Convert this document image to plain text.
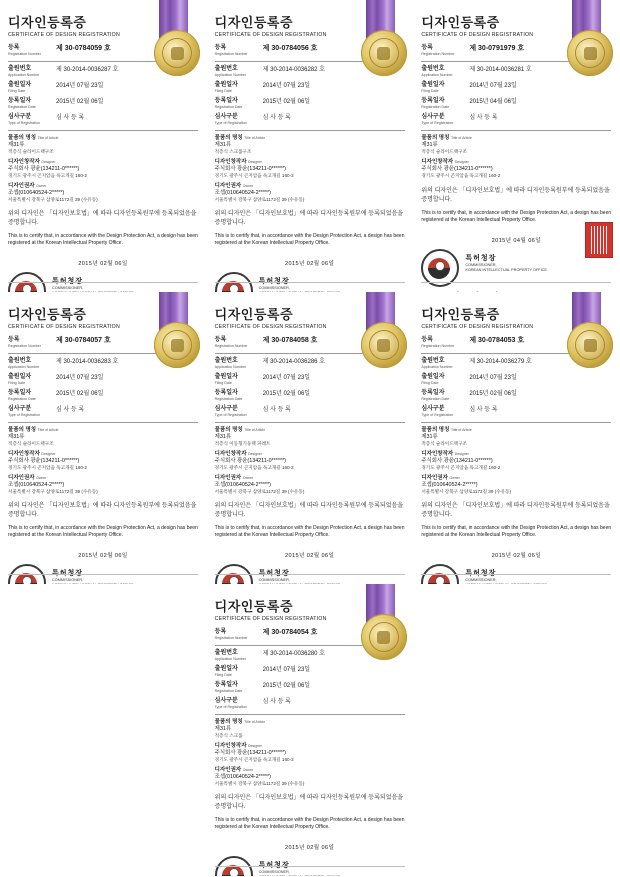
디자인등록증
CERTIFICATE OF DESIGN REGISTRATION
등록
Registration Number
제 30-0784059 호
출원번호
Application Number
제 30-2014-0036287 호
출원일자
Filing Date
2014년 07월 23일
등록일자
Registration Date
2015년 02월 06일
심사구분
Type of Registration
심 사 등 록
물품의 명칭 Title of Article
제31류
적층식 슬라이드랙구조
디자인창작자 Designer
주식회사 광윤(134211-0******)
경기도 광주시 곤지암읍 독고개길 160-2
디자인권자 Owner
조셉(010640524-2*****)
서울특별시 강북구 삼양로1172길 39 (수유동)
위의 디자인은 「디자인보호법」에 따라 디자인등록원부에 등록되었음을 증명합니다.
This is to certify that, in accordance with the Design Protection Act, a design has been registered at the Korean Intellectual Property Office.
2015년 02월 06일
COMMISSIONER,
디자인등록증
CERTIFICATE OF DESIGN REGISTRATION
등록
Registration Number
제 30-0784056 호
출원번호
Application Number
제 30-2014-0036282 호
출원일자
Filing Date
2014년 07월 23일
등록일자
Registration Date
2015년 02월 06일
심사구분
Type of Registration
심 사 등 록
물품의 명칭 Title of Article
제31류
적층식 스크롤구조
디자인창작자 Designer
주식회사 광윤(134211-0******)
경기도 광주시 곤지암읍 독고개길 160-2
디자인권자 Owner
조셉(010640524-2*****)
서울특별시 강북구 삼양로1172길 39 (수유동)
위의 디자인은 「디자인보호법」에 따라 디자인등록원부에 등록되었음을 증명합니다.
This is to certify that, in accordance with the Design Protection Act, a design has been registered at the Korean Intellectual Property Office.
2015년 02월 06일
COMMISSIONER,
디자인등록증
CERTIFICATE OF DESIGN REGISTRATION
등록
Registration Number
제 30-0791979 호
출원번호
Application Number
제 30-2014-0036281 호
출원일자
Filing Date
2014년 07월 23일
등록일자
Registration Date
2015년 04월 06일
심사구분
Type of Registration
심 사 등 록
물품의 명칭 Title of Article
제31류
적층식 슬라이드랙구조
디자인창작자 Designer
주식회사 광윤(134211-0******)
경기도 광주시 곤지암읍 독고개길 160-2
위의 디자인은 「디자인보호법」에 따라 디자인등록원부에 등록되었음을 증명합니다.
This is to certify that, in accordance with the Design Protection Act, a design has been registered at the Korean Intellectual Property Office.
2015년 04월 06일
특허청장
COMMISSIONER,
KOREAN INTELLECTUAL PROPERTY OFFICE
디자인등록증
CERTIFICATE OF DESIGN REGISTRATION
등록
Registration Number
제 30-0784057 호
출원번호
Application Number
제 30-2014-0036283 호
출원일자
Filing Date
2014년 07월 23일
등록일자
Registration Date
2015년 02월 06일
심사구분
Type of Registration
심 사 등 록
물품의 명칭 Title of Article
제31류
적층식 슬라이드랙구조
디자인창작자 Designer
주식회사 광윤(134211-0******)
경기도 광주시 곤지암읍 독고개길 160-2
디자인권자 Owner
조셉(010640524-2*****)
서울특별시 강북구 삼양로1172길 39 (수유동)
위의 디자인은 「디자인보호법」에 따라 디자인등록원부에 등록되었음을 증명합니다.
This is to certify that, in accordance with the Design Protection Act, a design has been registered at the Korean Intellectual Property Office.
2015년 02월 06일
COMMISSIONER,
디자인등록증
CERTIFICATE OF DESIGN REGISTRATION
등록
Registration Number
제 30-0784058 호
출원번호
Application Number
제 30-2014-0036286 호
출원일자
Filing Date
2014년 07월 23일
등록일자
Registration Date
2015년 02월 06일
심사구분
Type of Registration
심 사 등 록
물품의 명칭 Title of Article
제31류
적층식 이동형기둥랙 파레트
디자인창작자 Designer
주식회사 광윤(134211-0******)
경기도 광주시 곤지암읍 독고개길 160-2
디자인권자 Owner
조셉(010640524-2*****)
서울특별시 강북구 삼양로1172길 39 (수유동)
위의 디자인은 「디자인보호법」에 따라 디자인등록원부에 등록되었음을 증명합니다.
This is to certify that, in accordance with the Design Protection Act, a design has been registered at the Korean Intellectual Property Office.
2015년 02월 06일
COMMISSIONER,
디자인등록증
CERTIFICATE OF DESIGN REGISTRATION
등록
Registration Number
제 30-0784053 호
출원번호
Application Number
제 30-2014-0036279 호
출원일자
Filing Date
2014년 07월 23일
등록일자
Registration Date
2015년 02월 06일
심사구분
Type of Registration
심 사 등 록
물품의 명칭 Title of Article
제31류
적층식 슬라이드랙구조
디자인창작자 Designer
주식회사 광윤(134211-0******)
경기도 광주시 곤지암읍 독고개길 160-2
디자인권자 Owner
조셉(010640524-2*****)
서울특별시 강북구 삼양로1172길 39 (수유동)
위의 디자인은 「디자인보호법」에 따라 디자인등록원부에 등록되었음을 증명합니다.
This is to certify that, in accordance with the Design Protection Act, a design has been registered at the Korean Intellectual Property Office.
2015년 02월 06일
COMMISSIONER,
디자인등록증
CERTIFICATE OF DESIGN REGISTRATION
등록
Registration Number
제 30-0784054 호
출원번호
Application Number
제 30-2014-0036280 호
출원일자
Filing Date
2014년 07월 23일
등록일자
Registration Date
2015년 02월 06일
심사구분
Type of Registration
심 사 등 록
물품의 명칭 Title of Article
제31류
적층식 스크롤
디자인창작자 Designer
주식회사 광윤(134211-0******)
경기도 광주시 곤지암읍 독고개길 160-2
디자인권자 Owner
조셉(010640524-2*****)
서울특별시 강북구 삼양로1172길 39 (수유동)
위의 디자인은 「디자인보호법」에 따라 디자인등록원부에 등록되었음을 증명합니다.
This is to certify that, in accordance with the Design Protection Act, a design has been registered at the Korean Intellectual Property Office.
2015년 02월 06일
COMMISSIONER,
